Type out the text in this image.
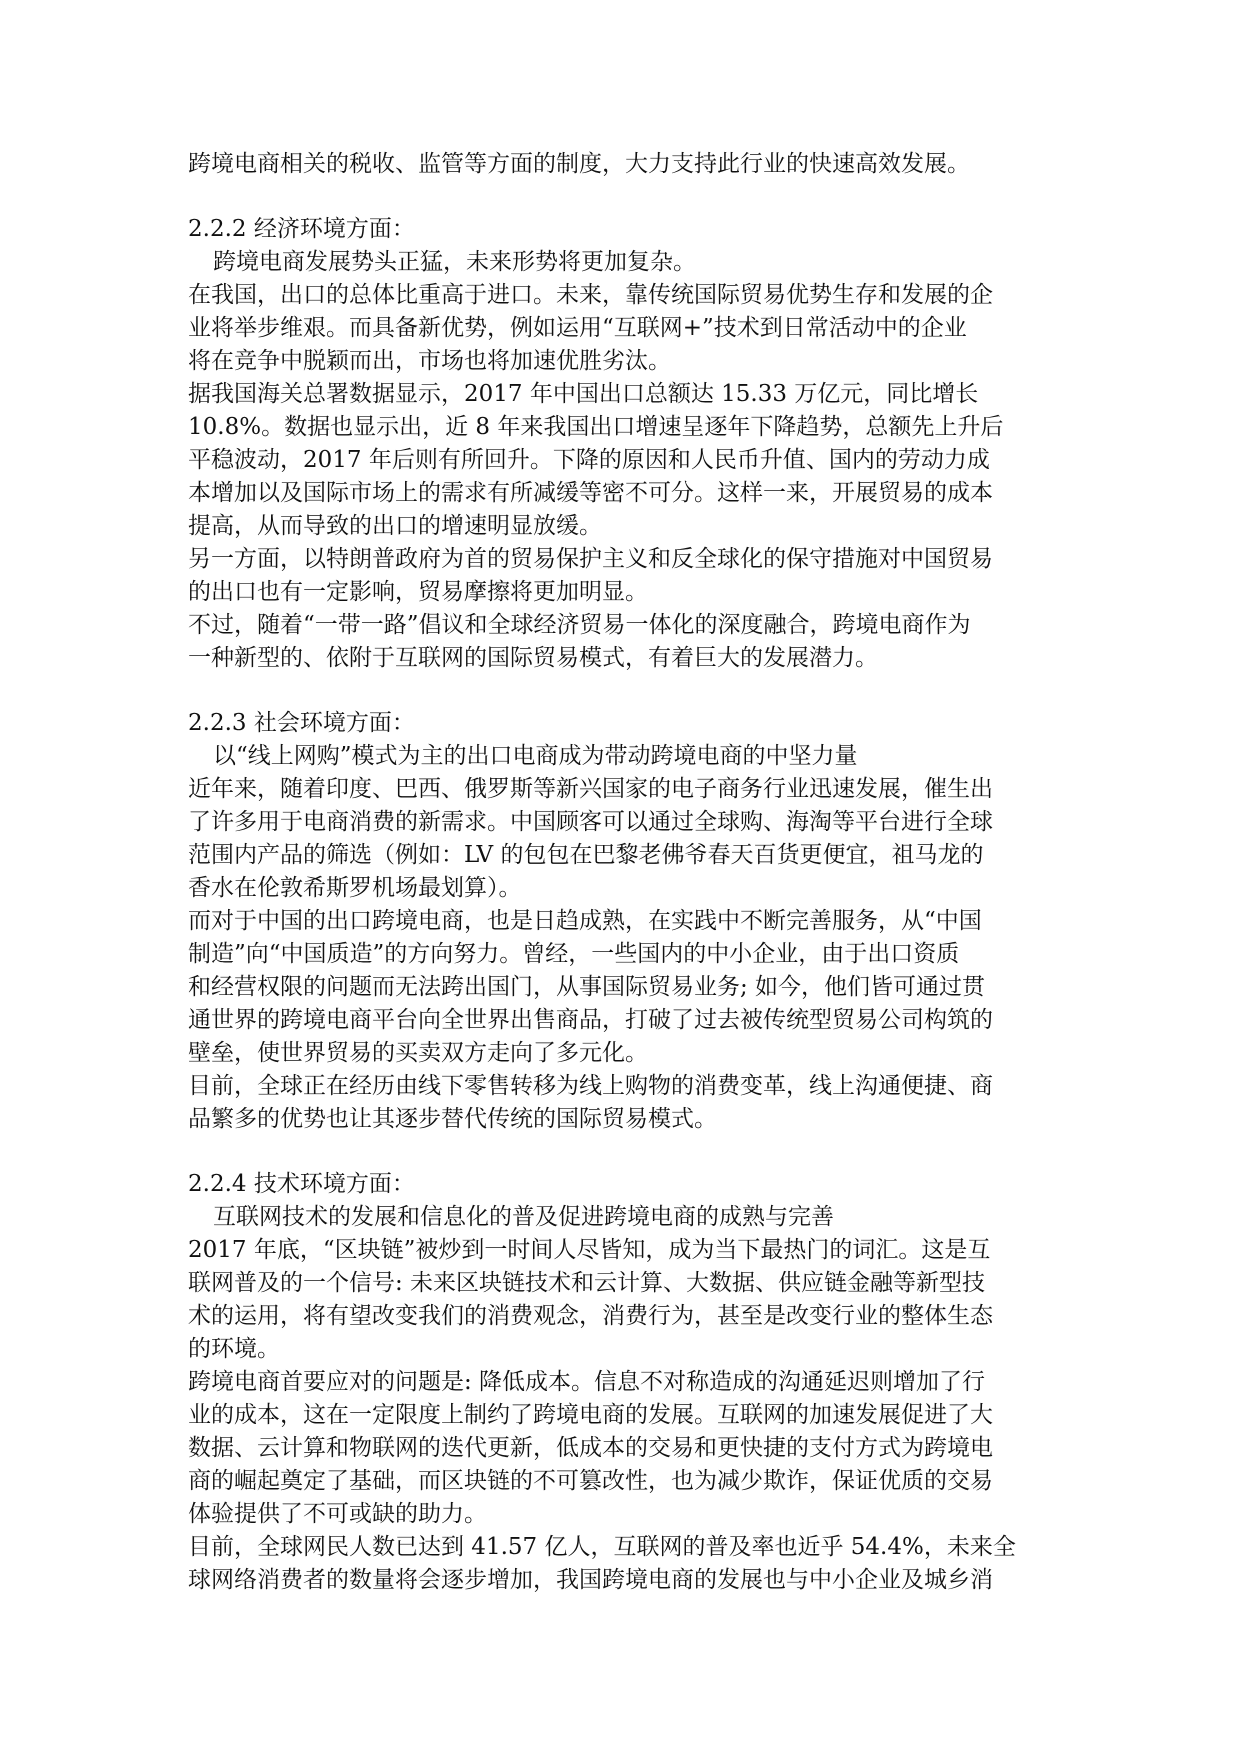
跨境电商相关的税收、监管等方面的制度，大力支持此行业的快速高效发展。
2.2.2 经济环境方面：
跨境电商发展势头正猛，未来形势将更加复杂。
在我国，出口的总体比重高于进口。未来，靠传统国际贸易优势生存和发展的企
业将举步维艰。而具备新优势，例如运用“互联网+”技术到日常活动中的企业
将在竞争中脱颖而出，市场也将加速优胜劣汰。
据我国海关总署数据显示，2017 年中国出口总额达 15.33 万亿元，同比增长
10.8%。数据也显示出，近 8 年来我国出口增速呈逐年下降趋势，总额先上升后
平稳波动，2017 年后则有所回升。下降的原因和人民币升值、国内的劳动力成
本增加以及国际市场上的需求有所减缓等密不可分。这样一来，开展贸易的成本
提高，从而导致的出口的增速明显放缓。
另一方面，以特朗普政府为首的贸易保护主义和反全球化的保守措施对中国贸易
的出口也有一定影响，贸易摩擦将更加明显。
不过，随着“一带一路”倡议和全球经济贸易一体化的深度融合，跨境电商作为
一种新型的、依附于互联网的国际贸易模式，有着巨大的发展潜力。
2.2.3 社会环境方面：
以“线上网购”模式为主的出口电商成为带动跨境电商的中坚力量
近年来，随着印度、巴西、俄罗斯等新兴国家的电子商务行业迅速发展，催生出
了许多用于电商消费的新需求。中国顾客可以通过全球购、海淘等平台进行全球
范围内产品的筛选（例如：LV 的包包在巴黎老佛爷春天百货更便宜，祖马龙的
香水在伦敦希斯罗机场最划算）。
而对于中国的出口跨境电商，也是日趋成熟，在实践中不断完善服务，从“中国
制造”向“中国质造”的方向努力。曾经，一些国内的中小企业，由于出口资质
和经营权限的问题而无法跨出国门，从事国际贸易业务; 如今，他们皆可通过贯
通世界的跨境电商平台向全世界出售商品，打破了过去被传统型贸易公司构筑的
壁垒，使世界贸易的买卖双方走向了多元化。
目前，全球正在经历由线下零售转移为线上购物的消费变革，线上沟通便捷、商
品繁多的优势也让其逐步替代传统的国际贸易模式。
2.2.4 技术环境方面：
互联网技术的发展和信息化的普及促进跨境电商的成熟与完善
2017 年底，“区块链”被炒到一时间人尽皆知，成为当下最热门的词汇。这是互
联网普及的一个信号: 未来区块链技术和云计算、大数据、供应链金融等新型技
术的运用，将有望改变我们的消费观念，消费行为，甚至是改变行业的整体生态
的环境。
跨境电商首要应对的问题是: 降低成本。信息不对称造成的沟通延迟则增加了行
业的成本，这在一定限度上制约了跨境电商的发展。互联网的加速发展促进了大
数据、云计算和物联网的迭代更新，低成本的交易和更快捷的支付方式为跨境电
商的崛起奠定了基础，而区块链的不可篡改性，也为减少欺诈，保证优质的交易
体验提供了不可或缺的助力。
目前，全球网民人数已达到 41.57 亿人，互联网的普及率也近乎 54.4%，未来全
球网络消费者的数量将会逐步增加，我国跨境电商的发展也与中小企业及城乡消
